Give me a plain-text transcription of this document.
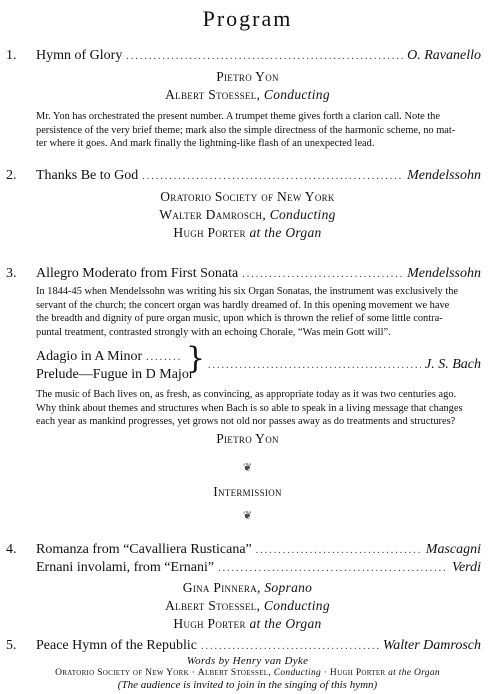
Program
1. Hymn of Glory .....	O. Ravanello
Pietro Yon
Albert Stoessel, Conducting
Mr. Yon has orchestrated the present number. A trumpet theme gives forth a clarion call. Note the
persistence of the very brief theme; mark also the simple directness of the harmonic scheme, no mat-
ter where it goes. And mark finally the lightning-like flash of an unexpected lead.
2. Thanks Be to God .....	Mendelssohn
Oratorio Society of New York
Walter Damrosch, Conducting
Hugh Porter at the Organ
3. Allegro Moderato from First Sonata .....	Mendelssohn
In 1844-45 when Mendelssohn was writing his six Organ Sonatas, the instrument was exclusively the
servant of the church; the concert organ was hardly dreamed of. In this opening movement we have
the breadth and dignity of pure organ music, upon which is thrown the relief of some little contra-
puntal treatment, contrasted strongly with an echoing Chorale, “Was mein Gott will”.
Adagio in A Minor
.....
Prelude—Fugue in D Major
} .....	J. S. Bach
The music of Bach lives on, as fresh, as convincing, as appropriate today as it was two centuries ago.
Why think about themes and structures when Bach is so able to speak in a living message that changes
each year as mankind progresses, yet grows not old nor passes away as do treatments and structures?
Pietro Yon
❦
Intermission
❦
4. Romanza from “Cavalliera Rusticana” .....	Mascagni
Ernani involami, from “Ernani” .....	Verdi
Gina Pinnera, Soprano
Albert Stoessel, Conducting
Hugh Porter at the Organ
5. Peace Hymn of the Republic .....	Walter Damrosch
Words by Henry van Dyke
Oratorio Society of New York · Albert Stoessel, Conducting · Hugh Porter at the Organ
(The audience is invited to join in the singing of this hymn)
